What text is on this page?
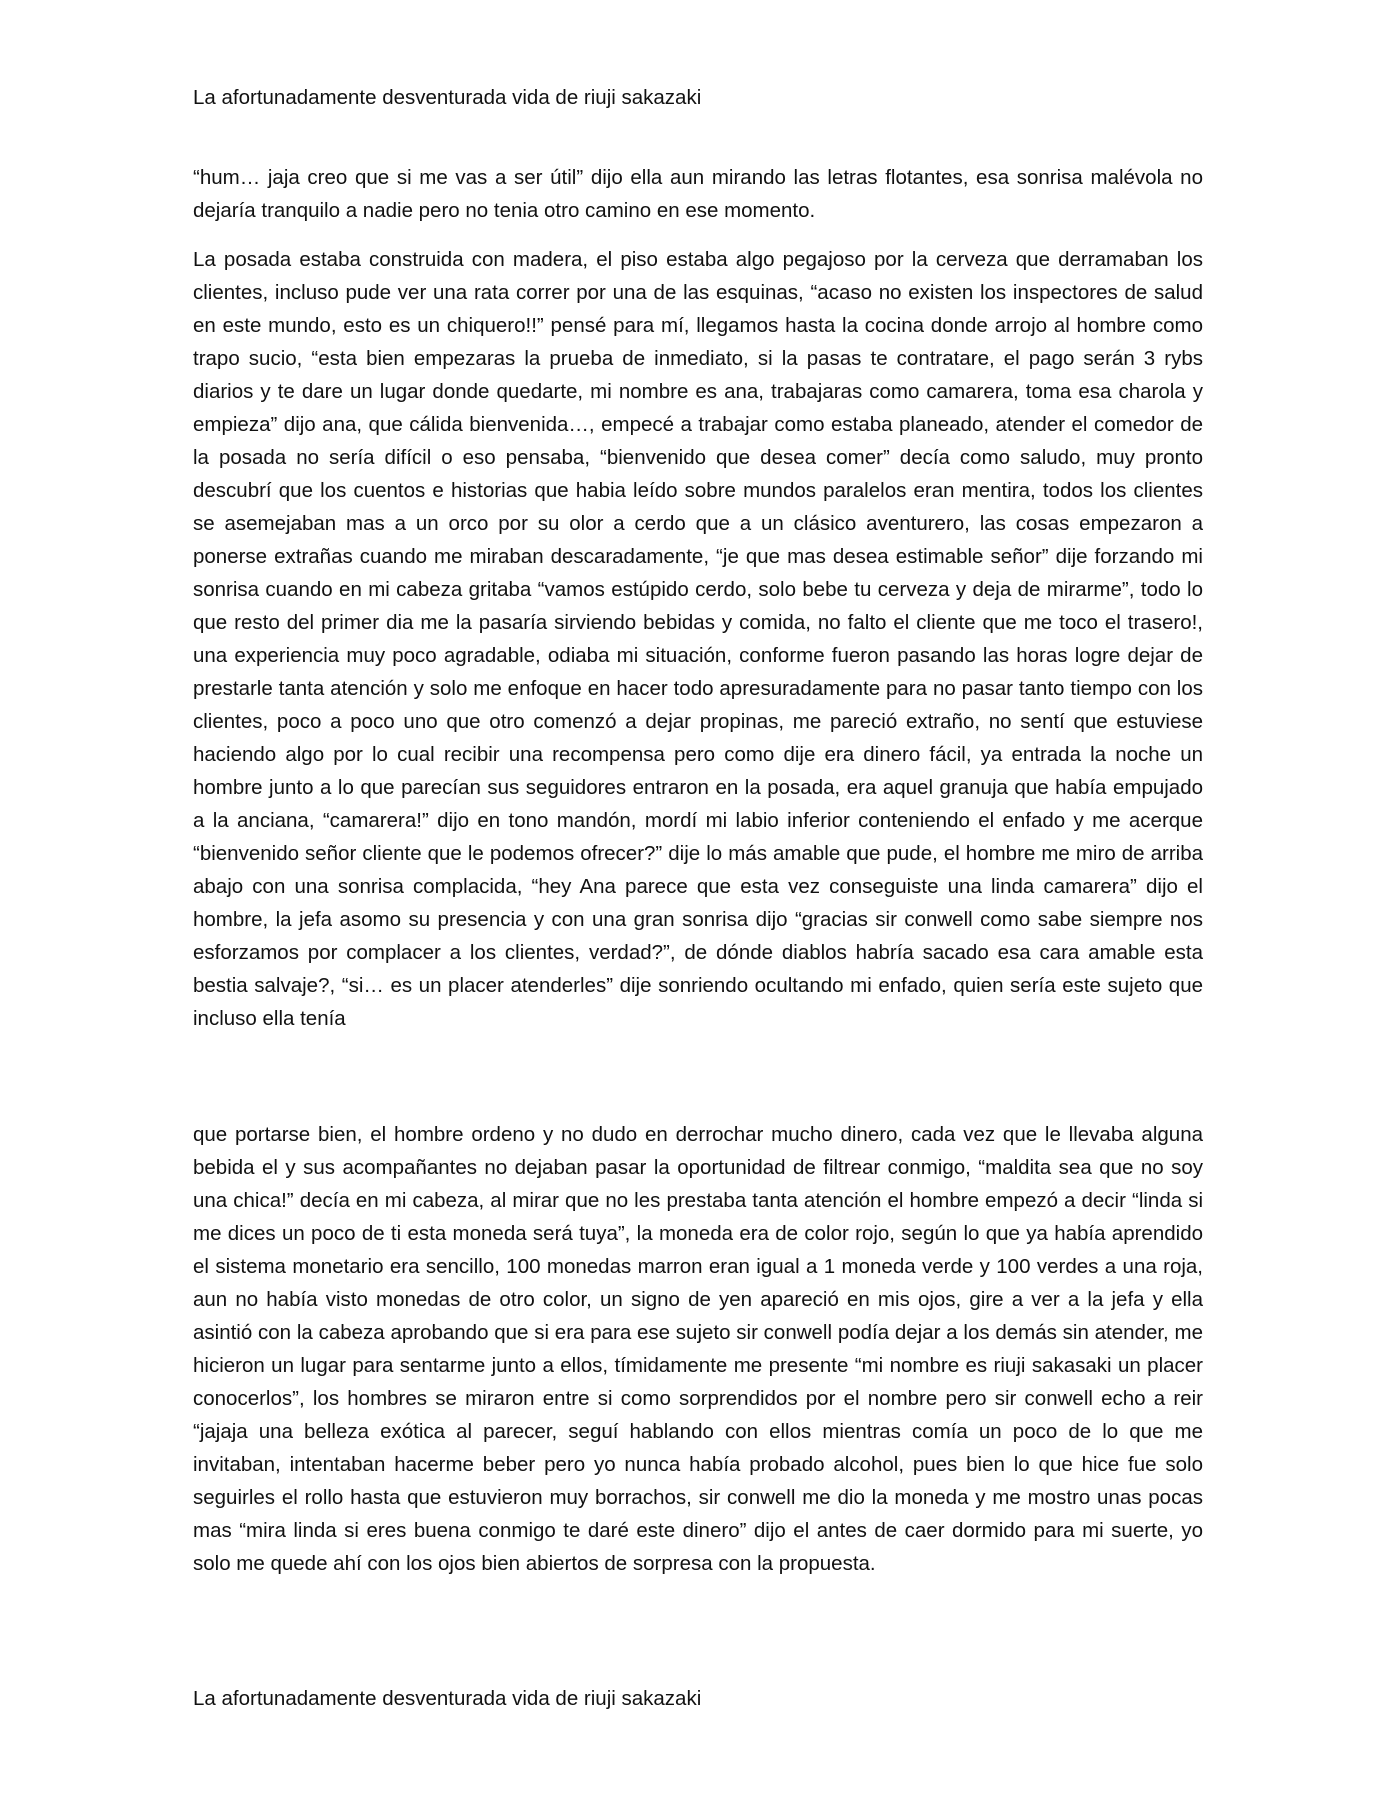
La afortunadamente desventurada vida de riuji sakazaki

“hum… jaja creo que si me vas a ser útil” dijo ella aun mirando las letras flotantes, esa sonrisa malévola no dejaría tranquilo a nadie pero no tenia otro camino en ese momento.

La posada estaba construida con madera, el piso estaba algo pegajoso por la cerveza que derramaban los clientes, incluso pude ver una rata correr por una de las esquinas, “acaso no existen los inspectores de salud en este mundo, esto es un chiquero!!” pensé para mí, llegamos hasta la cocina donde arrojo al hombre como trapo sucio, “esta bien empezaras la prueba de inmediato, si la pasas te contratare, el pago serán 3 rybs diarios y te dare un lugar donde quedarte, mi nombre es ana, trabajaras como camarera, toma esa charola y empieza” dijo ana, que cálida bienvenida…, empecé a trabajar como estaba planeado, atender el comedor de la posada no sería difícil o eso pensaba, “bienvenido que desea comer” decía como saludo, muy pronto descubrí que los cuentos e historias que habia leído sobre mundos paralelos eran mentira, todos los clientes se asemejaban mas a un orco por su olor a cerdo que a un clásico aventurero, las cosas empezaron a ponerse extrañas cuando me miraban descaradamente, “je que mas desea estimable señor” dije forzando mi sonrisa cuando en mi cabeza gritaba “vamos estúpido cerdo, solo bebe tu cerveza y deja de mirarme”, todo lo que resto del primer dia me la pasaría sirviendo bebidas y comida, no falto el cliente que me toco el trasero!, una experiencia muy poco agradable, odiaba mi situación, conforme fueron pasando las horas logre dejar de prestarle tanta atención y solo me enfoque en hacer todo apresuradamente para no pasar tanto tiempo con los clientes, poco a poco uno que otro comenzó a dejar propinas, me pareció extraño, no sentí que estuviese haciendo algo por lo cual recibir una recompensa pero como dije era dinero fácil, ya entrada la noche un hombre junto a lo que parecían sus seguidores entraron en la posada, era aquel granuja que había empujado a la anciana, “camarera!” dijo en tono mandón, mordí mi labio inferior conteniendo el enfado y me acerque “bienvenido señor cliente que le podemos ofrecer?” dije lo más amable que pude, el hombre me miro de arriba abajo con una sonrisa complacida, “hey Ana parece que esta vez conseguiste una linda camarera” dijo el hombre, la jefa asomo su presencia y con una gran sonrisa dijo “gracias sir conwell como sabe siempre nos esforzamos por complacer a los clientes, verdad?”, de dónde diablos habría sacado esa cara amable esta bestia salvaje?, “si… es un placer atenderles” dije sonriendo ocultando mi enfado, quien sería este sujeto que incluso ella tenía

que portarse bien, el hombre ordeno y no dudo en derrochar mucho dinero, cada vez que le llevaba alguna bebida el y sus acompañantes no dejaban pasar la oportunidad de filtrear conmigo, “maldita sea que no soy una chica!” decía en mi cabeza, al mirar que no les prestaba tanta atención el hombre empezó a decir “linda si me dices un poco de ti esta moneda será tuya”, la moneda era de color rojo, según lo que ya había aprendido el sistema monetario era sencillo, 100 monedas marron eran igual a 1 moneda verde y 100 verdes a una roja, aun no había visto monedas de otro color, un signo de yen apareció en mis ojos, gire a ver a la jefa y ella asintió con la cabeza aprobando que si era para ese sujeto sir conwell podía dejar a los demás sin atender, me hicieron un lugar para sentarme junto a ellos, tímidamente me presente “mi nombre es riuji sakasaki un placer conocerlos”, los hombres se miraron entre si como sorprendidos por el nombre pero sir conwell echo a reir “jajaja una belleza exótica al parecer, seguí hablando con ellos mientras comía un poco de lo que me invitaban, intentaban hacerme beber pero yo nunca había probado alcohol, pues bien lo que hice fue solo seguirles el rollo hasta que estuvieron muy borrachos, sir conwell me dio la moneda y me mostro unas pocas mas “mira linda si eres buena conmigo te daré este dinero” dijo el antes de caer dormido para mi suerte, yo solo me quede ahí con los ojos bien abiertos de sorpresa con la propuesta.

La afortunadamente desventurada vida de riuji sakazaki
